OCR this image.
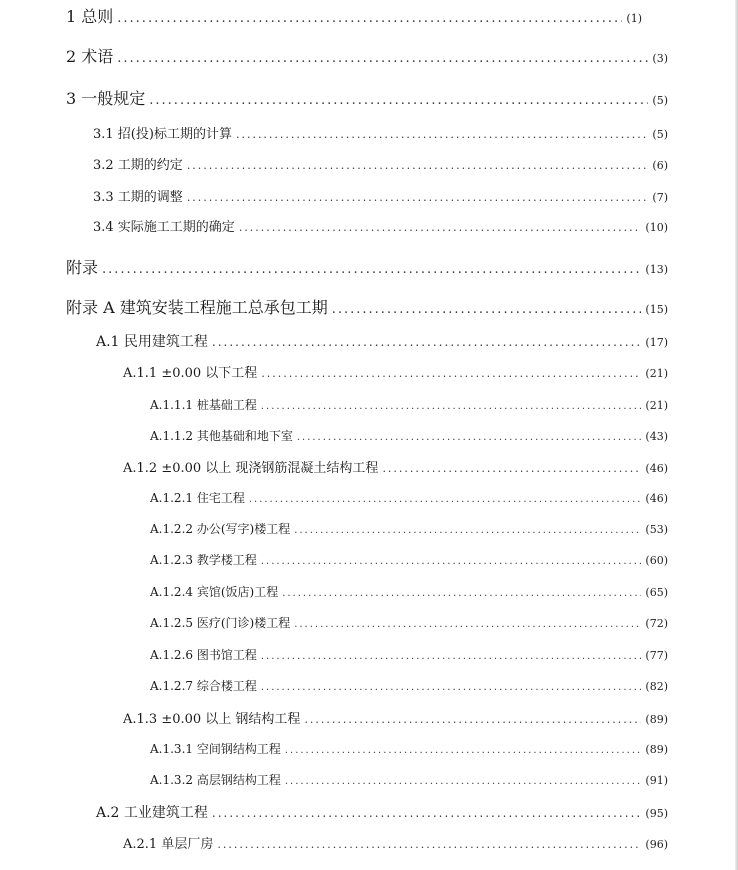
1 总则 .....	(1)
2 术语 .....	(3)
3 一般规定 .....	(5)
3.1 招(投)标工期的计算 .....	(5)
3.2 工期的约定 .....	(6)
3.3 工期的调整 .....	(7)
3.4 实际施工工期的确定 .....	(10)
附录 .....	(13)
附录 A 建筑安装工程施工总承包工期 .....	(15)
A.1 民用建筑工程 .....	(17)
A.1.1 ±0.00 以下工程 .....	(21)
A.1.1.1 桩基础工程 .....	(21)
A.1.1.2 其他基础和地下室 .....	(43)
A.1.2 ±0.00 以上 现浇钢筋混凝土结构工程 .....	(46)
A.1.2.1 住宅工程 .....	(46)
A.1.2.2 办公(写字)楼工程 .....	(53)
A.1.2.3 教学楼工程 .....	(60)
A.1.2.4 宾馆(饭店)工程 .....	(65)
A.1.2.5 医疗(门诊)楼工程 .....	(72)
A.1.2.6 图书馆工程 .....	(77)
A.1.2.7 综合楼工程 .....	(82)
A.1.3 ±0.00 以上 钢结构工程 .....	(89)
A.1.3.1 空间钢结构工程 .....	(89)
A.1.3.2 高层钢结构工程 .....	(91)
A.2 工业建筑工程 .....	(95)
A.2.1 单层厂房 .....	(96)
